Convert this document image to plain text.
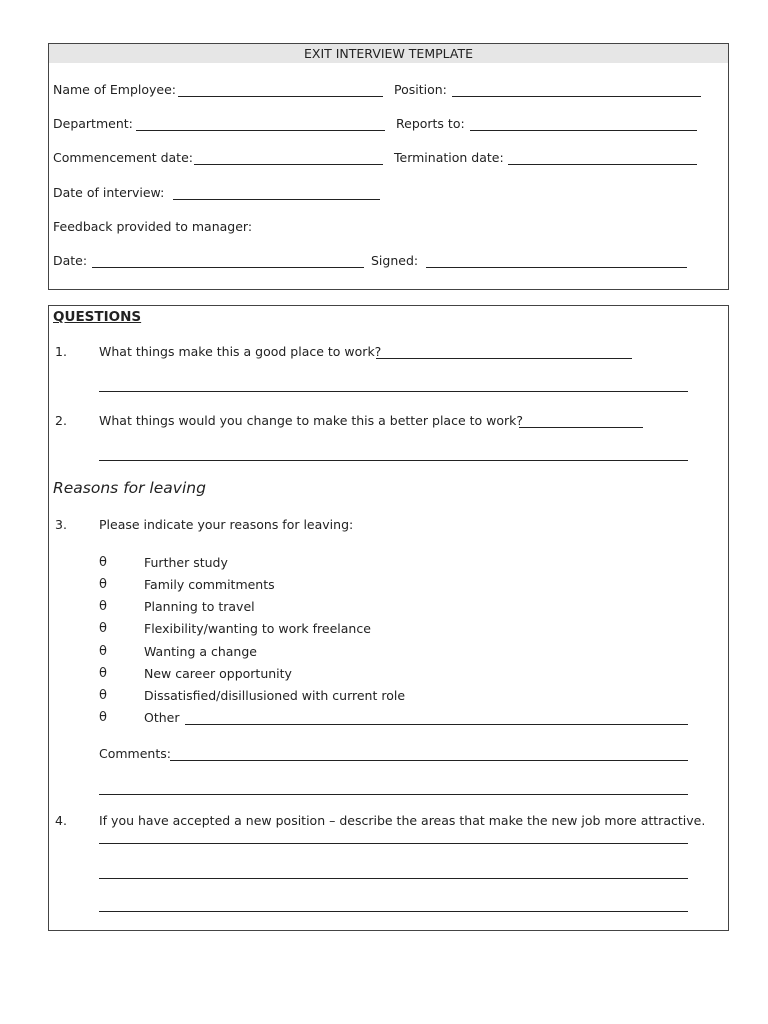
EXIT INTERVIEW TEMPLATE
Name of Employee:	Position:
Department:	Reports to:
Commencement date:	Termination date:
Date of interview:
Feedback provided to manager:
Date:	Signed:
QUESTIONS
1.	What things make this a good place to work?
2.	What things would you change to make this a better place to work?
Reasons for leaving
3.	Please indicate your reasons for leaving:
θ	Further study
θ	Family commitments
θ	Planning to travel
θ	Flexibility/wanting to work freelance
θ	Wanting a change
θ	New career opportunity
θ	Dissatisfied/disillusioned with current role
θ	Other
Comments:
4.	If you have accepted a new position – describe the areas that make the new job more attractive.
